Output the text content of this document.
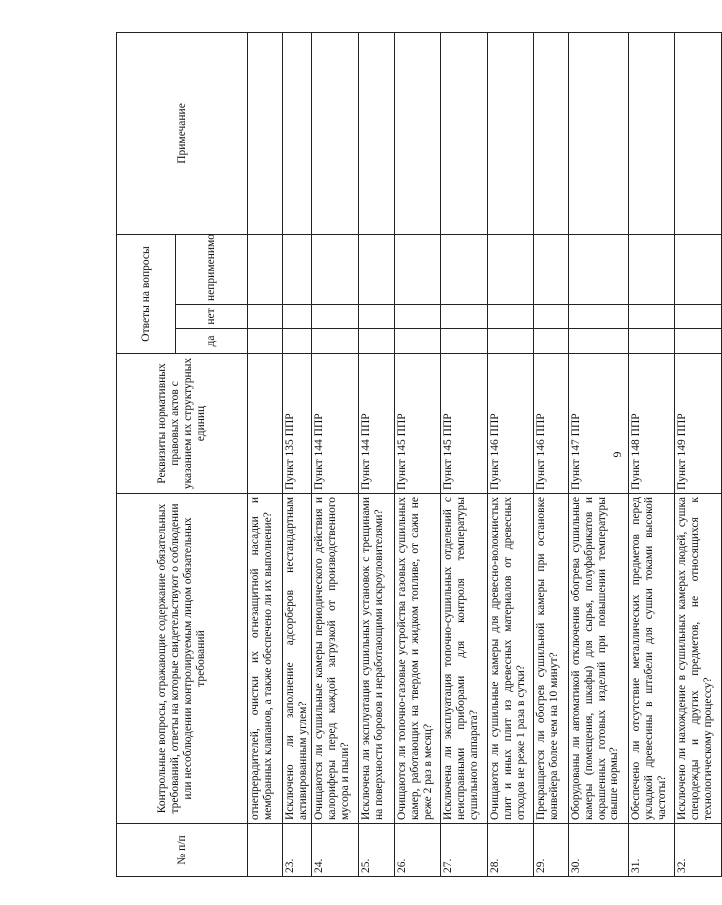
6
№ п/п	Контрольные вопросы, отражающие содержание обязательных требований, ответы на которые свидетельствуют о соблюдении или несоблюдении контролируемым лицом обязательных требований	Реквизиты нормативных правовых актов с указанием их структурных единиц	Ответы на вопросы			Примечание
			да	нет	неприменимо	
	отнепрерадителей, очистки их огнезащитной насадки и мембранных клапанов, а также обеспечено ли их выполнение?					
23.	Исключено ли заполнение адсорберов нестандартным активированным углем?	Пункт 135 ППР				
24.	Очищаются ли сушильные камеры периодического действия и калориферы перед каждой загрузкой от производственного мусора и пыли?	Пункт 144 ППР				
25.	Исключена ли эксплуатация сушильных установок с трещинами на поверхности боровов и неработающими искроуловителями?	Пункт 144 ППР				
26.	Очищаются ли топочно-газовые устройства газовых сушильных камер, работающих на твердом и жидком топливе, от сажи не реже 2 раз в месяц?	Пункт 145 ППР				
27.	Исключена ли эксплуатация топочно-сушильных отделений с неисправными приборами для контроля температуры сушильного аппарата?	Пункт 145 ППР				
28.	Очищаются ли сушильные камеры для древесно-волокнистых плит и иных плит из древесных материалов от древесных отходов не реже 1 раза в сутки?	Пункт 146 ППР				
29.	Прекращается ли обогрев сушильной камеры при остановке конвейера более чем на 10 минут?	Пункт 146 ППР				
30.	Оборудованы ли автоматикой отключения обогрева сушильные камеры (помещения, шкафы) для сырья, полуфабрикатов и окрашенных готовых изделий при повышении температуры свыше нормы?	Пункт 147 ППР				
31.	Обеспечено ли отсутствие металлических предметов перед укладкой древесины в штабели для сушки токами высокой частоты?	Пункт 148 ППР				
32.	Исключено ли нахождение в сушильных камерах людей, сушка спецодежды и других предметов, не относящихся к технологическому процессу?	Пункт 149 ППР				
